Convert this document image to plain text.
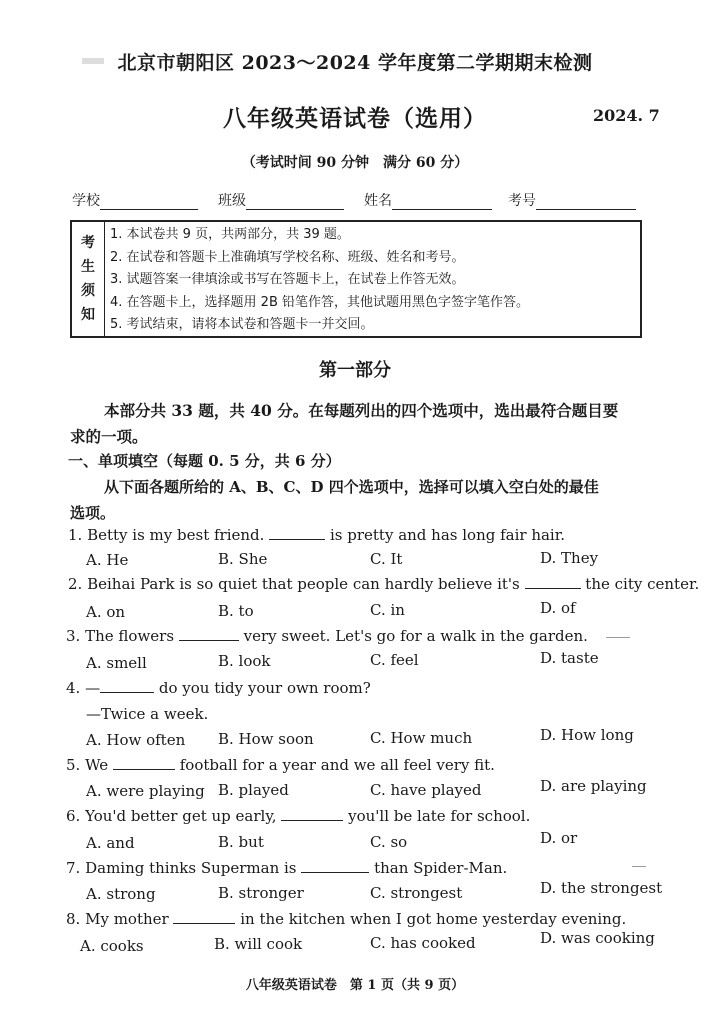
北京市朝阳区 2023～2024 学年度第二学期期末检测
八年级英语试卷（选用）	2024. 7
（考试时间 90 分钟　满分 60 分）
学校	班级	姓名	考号
考
生
须
知
1. 本试卷共 9 页，共两部分，共 39 题。
2. 在试卷和答题卡上准确填写学校名称、班级、姓名和考号。
3. 试题答案一律填涂或书写在答题卡上，在试卷上作答无效。
4. 在答题卡上，选择题用 2B 铅笔作答，其他试题用黑色字签字笔作答。
5. 考试结束，请将本试卷和答题卡一并交回。
第一部分
本部分共 33 题，共 40 分。在每题列出的四个选项中，选出最符合题目要
求的一项。
一、单项填空（每题 0. 5 分，共 6 分）
从下面各题所给的 A、B、C、D 四个选项中，选择可以填入空白处的最佳
选项。
1. Betty is my best friend.	is pretty and has long fair hair.
A. He	B. She	C. It	D. They
2. Beihai Park is so quiet that people can hardly believe it's	the city center.
A. on	B. to	C. in	D. of
3. The flowers	very sweet. Let's go for a walk in the garden.
A. smell	B. look	C. feel	D. taste
4. —	do you tidy your own room?
—Twice a week.
A. How often B. How soon	C. How much	D. How long
5. We	football for a year and we all feel very fit.
A. were playing B. played	C. have played	D. are playing
6. You'd better get up early,	you'll be late for school.
A. and	B. but	C. so	D. or
7. Daming thinks Superman is	than Spider-Man.
A. strong	B. stronger	C. strongest	D. the strongest
8. My mother	in the kitchen when I got home yesterday evening.
A. cooks	B. will cook	C. has cooked	D. was cooking
八年级英语试卷　第 1 页（共 9 页）
